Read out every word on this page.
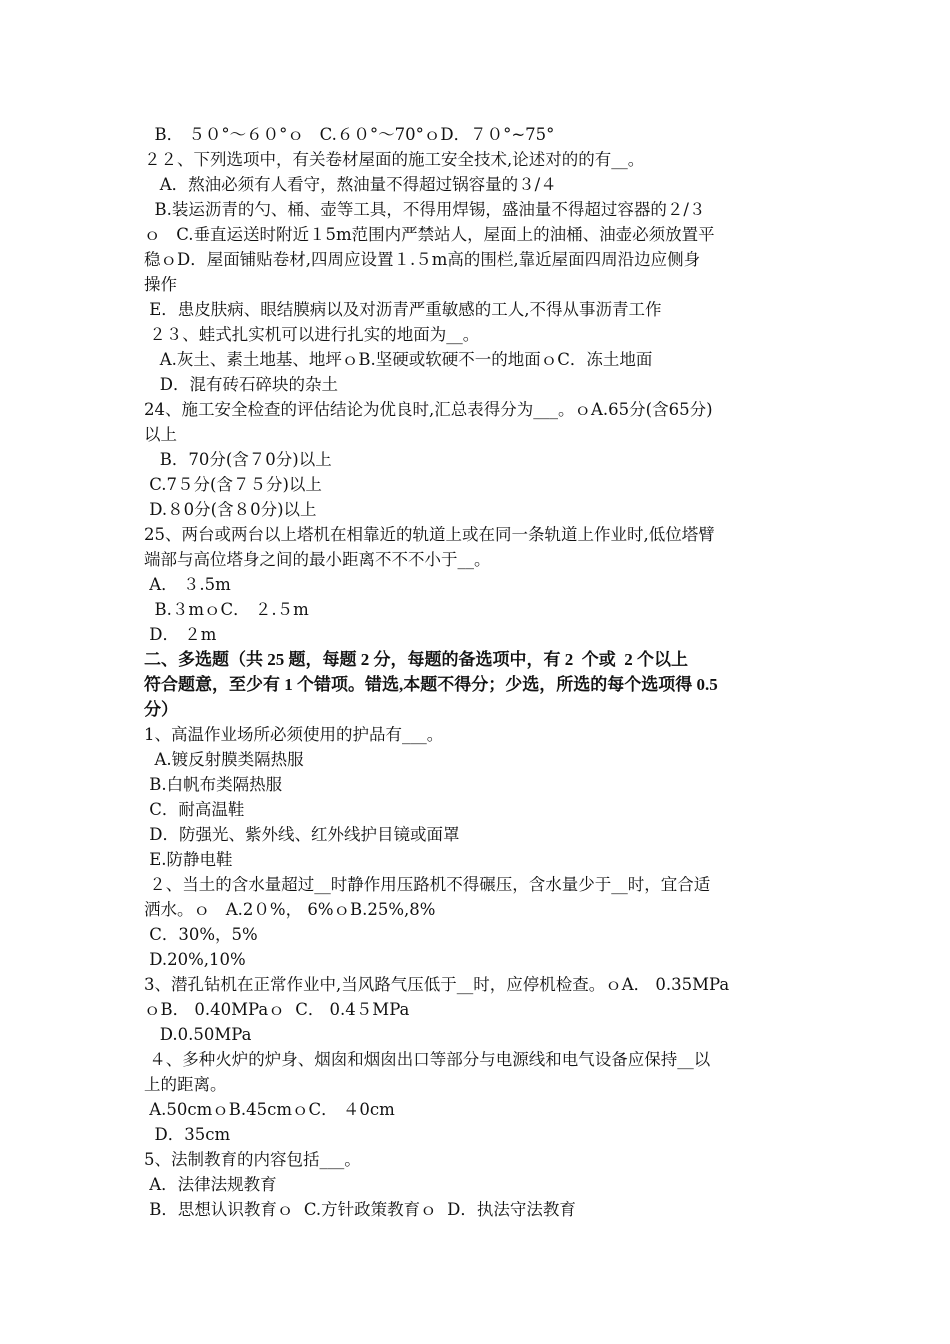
B． ５０°～６０°ｏ   C.６０°～70°ｏD．７０°~75°
２２、下列选项中，有关卷材屋面的施工安全技术,论述对的的有__。
A．熬油必须有人看守，熬油量不得超过锅容量的３/４
B.装运沥青的勺、桶、壶等工具，不得用焊锡，盛油量不得超过容器的２/３
ｏ   C.垂直运送时附近１5m范围内严禁站人，屋面上的油桶、油壶必须放置平
稳ｏD．屋面铺贴卷材,四周应设置１.５m高的围栏,靠近屋面四周沿边应侧身
操作
E．患皮肤病、眼结膜病以及对沥青严重敏感的工人,不得从事沥青工作
２３、蛙式扎实机可以进行扎实的地面为__。
A.灰土、素土地基、地坪ｏB.坚硬或软硬不一的地面ｏC．冻土地面
D．混有砖石碎块的杂土
24、施工安全检查的评估结论为优良时,汇总表得分为___。ｏA.65分(含65分)
以上
B．70分(含７0分)以上
C.7５分(含７５分)以上
D.８0分(含８0分)以上
25、两台或两台以上塔机在相靠近的轨道上或在同一条轨道上作业时,低位塔臂
端部与高位塔身之间的最小距离不不不小于__。
A． ３.5m
B.３mｏC． ２.５m
D． ２m
二、多选题（共 25 题，每题 2 分，每题的备选项中，有 2  个或  2 个以上
符合题意，至少有 1 个错项。错选,本题不得分；少选，所选的每个选项得 0.5
分）
1、高温作业场所必须使用的护品有___。
A.镀反射膜类隔热服
B.白帆布类隔热服
C．耐高温鞋
D．防强光、紫外线、红外线护目镜或面罩
E.防静电鞋
２、当土的含水量超过__时静作用压路机不得碾压，含水量少于__时，宜合适
洒水。ｏ   A.2０%， 6%ｏB.25%,8%
C．30%，5%
D.20%,10%
3、潜孔钻机在正常作业中,当风路气压低于__时，应停机检查。ｏA． 0.35MPa
ｏB． 0.40MPaｏ  C． 0.4５MPa
D.0.50MPa
４、多种火炉的炉身、烟囱和烟囱出口等部分与电源线和电气设备应保持__以
上的距离。
A.50cmｏB.45cmｏC． ４0cm
D．35cm
5、法制教育的内容包括___。
A．法律法规教育
B．思想认识教育ｏ  C.方针政策教育ｏ  D．执法守法教育
